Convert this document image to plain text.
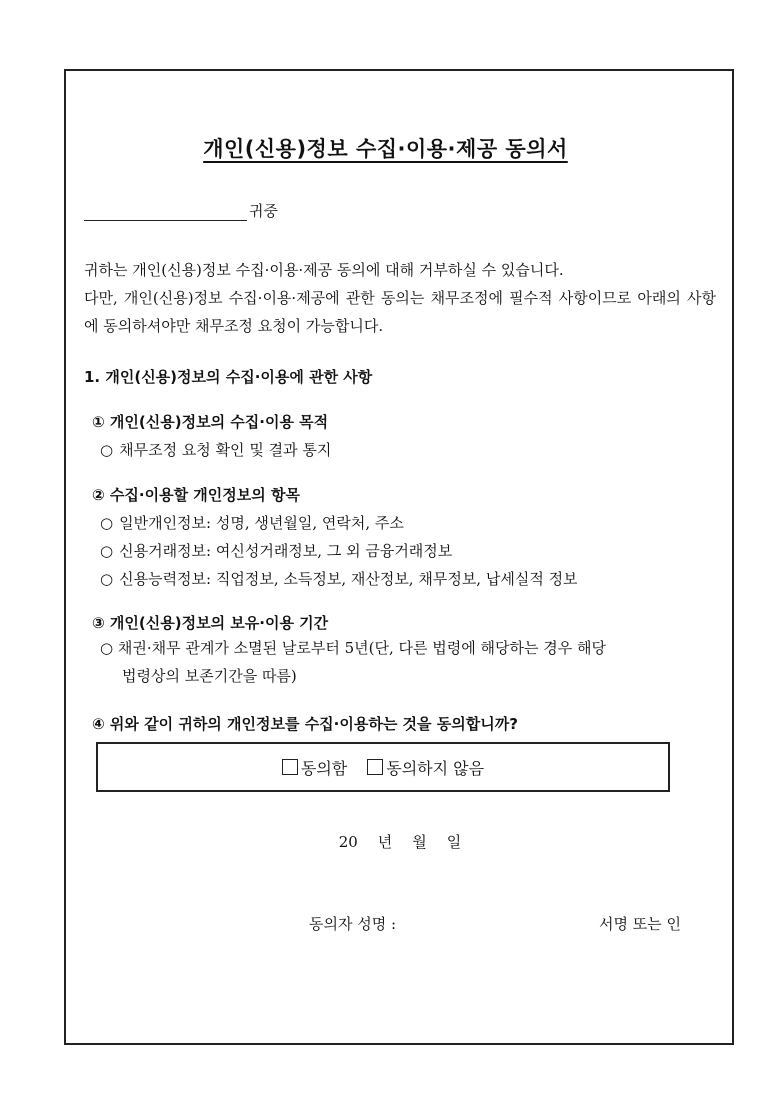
개인(신용)정보 수집·이용·제공 동의서
귀중

귀하는 개인(신용)정보 수집·이용·제공 동의에 대해 거부하실 수 있습니다.

다만, 개인(신용)정보 수집·이용·제공에 관한 동의는 채무조정에 필수적 사항이므로 아래의 사항에 동의하셔야만 채무조정 요청이 가능합니다.

1. 개인(신용)정보의 수집·이용에 관한 사항
① 개인(신용)정보의 수집·이용 목적
○ 채무조정 요청 확인 및 결과 통지
② 수집·이용할 개인정보의 항목
○ 일반개인정보: 성명, 생년월일, 연락처, 주소
○ 신용거래정보: 여신성거래정보, 그 외 금융거래정보
○ 신용능력정보: 직업정보, 소득정보, 재산정보, 채무정보, 납세실적 정보
③ 개인(신용)정보의 보유·이용 기간
○ 채권·채무 관계가 소멸된 날로부터 5년(단, 다른 법령에 해당하는 경우 해당
법령상의 보존기간을 따름)
④ 위와 같이 귀하의 개인정보를 수집·이용하는 것을 동의합니까?
동의함 동의하지 않음
20 년 월 일
동의자 성명 :	서명 또는 인
